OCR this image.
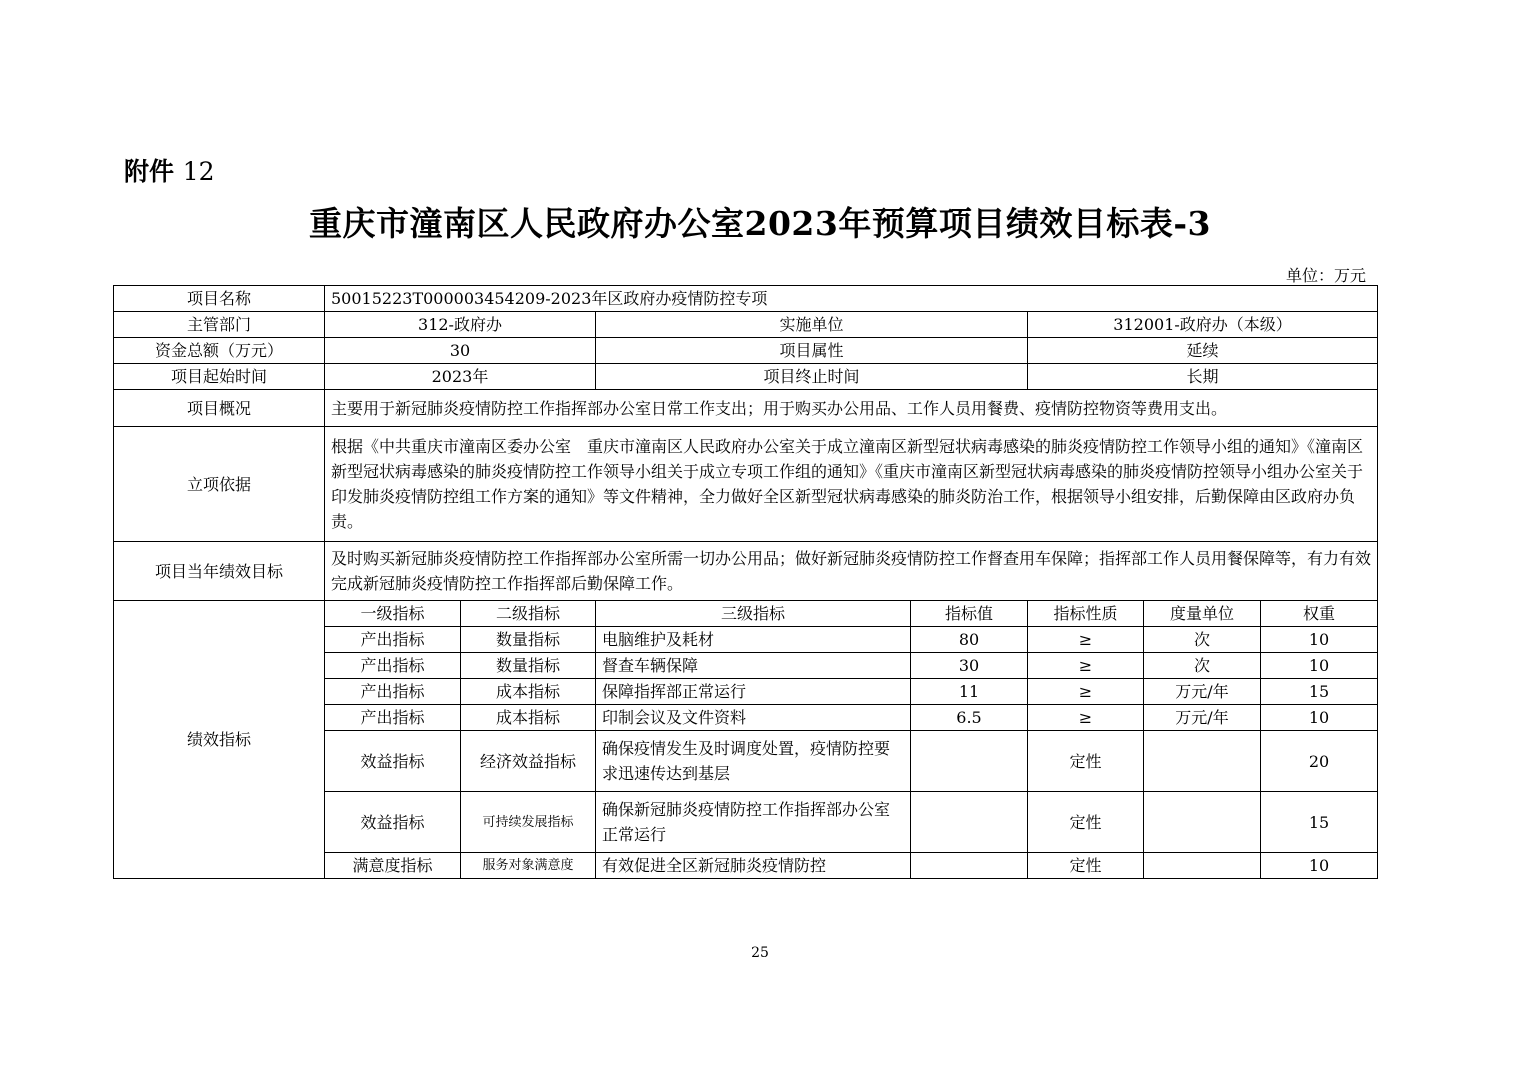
附件 12
重庆市潼南区人民政府办公室2023年预算项目绩效目标表-3
单位：万元
项目名称	50015223T000003454209-2023年区政府办疫情防控专项						
主管部门	312-政府办		实施单位		312001-政府办（本级）		
资金总额（万元）	30		项目属性		延续		
项目起始时间	2023年		项目终止时间		长期		
项目概况	主要用于新冠肺炎疫情防控工作指挥部办公室日常工作支出；用于购买办公用品、工作人员用餐费、疫情防控物资等费用支出。						
立项依据	根据《中共重庆市潼南区委办公室　重庆市潼南区人民政府办公室关于成立潼南区新型冠状病毒感染的肺炎疫情防控工作领导小组的通知》《潼南区新型冠状病毒感染的肺炎疫情防控工作领导小组关于成立专项工作组的通知》《重庆市潼南区新型冠状病毒感染的肺炎疫情防控领导小组办公室关于印发肺炎疫情防控组工作方案的通知》等文件精神，全力做好全区新型冠状病毒感染的肺炎防治工作，根据领导小组安排，后勤保障由区政府办负责。						
项目当年绩效目标	及时购买新冠肺炎疫情防控工作指挥部办公室所需一切办公用品；做好新冠肺炎疫情防控工作督查用车保障；指挥部工作人员用餐保障等，有力有效完成新冠肺炎疫情防控工作指挥部后勤保障工作。						
绩效指标	一级指标	二级指标	三级指标	指标值	指标性质	度量单位	权重
	产出指标	数量指标	电脑维护及耗材	80	≥	次	10
	产出指标	数量指标	督查车辆保障	30	≥	次	10
	产出指标	成本指标	保障指挥部正常运行	11	≥	万元/年	15
	产出指标	成本指标	印制会议及文件资料	6.5	≥	万元/年	10
	效益指标	经济效益指标	确保疫情发生及时调度处置，疫情防控要求迅速传达到基层		定性		20
	效益指标	可持续发展指标	确保新冠肺炎疫情防控工作指挥部办公室正常运行		定性		15
	满意度指标	服务对象满意度	有效促进全区新冠肺炎疫情防控		定性		10
25
